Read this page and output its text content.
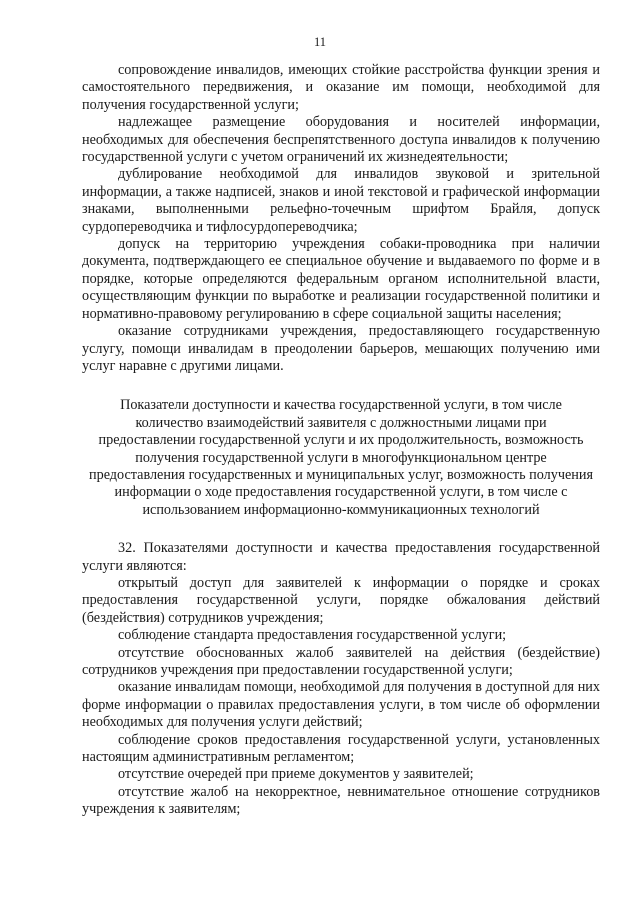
11

сопровождение инвалидов, имеющих стойкие расстройства функции зрения и самостоятельного передвижения, и оказание им помощи, необходимой для получения государственной услуги;

надлежащее размещение оборудования и носителей информации, необходимых для обеспечения беспрепятственного доступа инвалидов к получению государственной услуги с учетом ограничений их жизнедеятельности;

дублирование необходимой для инвалидов звуковой и зрительной информации, а также надписей, знаков и иной текстовой и графической информации знаками, выполненными рельефно-точечным шрифтом Брайля, допуск сурдопереводчика и тифлосурдопереводчика;

допуск на территорию учреждения собаки-проводника при наличии документа, подтверждающего ее специальное обучение и выдаваемого по форме и в порядке, которые определяются федеральным органом исполнительной власти, осуществляющим функции по выработке и реализации государственной политики и нормативно-правовому регулированию в сфере социальной защиты населения;

оказание сотрудниками учреждения, предоставляющего государственную услугу, помощи инвалидам в преодолении барьеров, мешающих получению ими услуг наравне с другими лицами.

Показатели доступности и качества государственной услуги, в том числе количество взаимодействий заявителя с должностными лицами при предоставлении государственной услуги и их продолжительность, возможность получения государственной услуги в многофункциональном центре предоставления государственных и муниципальных услуг, возможность получения информации о ходе предоставления государственной услуги, в том числе с использованием информационно-коммуникационных технологий

32. Показателями доступности и качества предоставления государственной услуги являются:

открытый доступ для заявителей к информации о порядке и сроках предоставления государственной услуги, порядке обжалования действий (бездействия) сотрудников учреждения;

соблюдение стандарта предоставления государственной услуги;

отсутствие обоснованных жалоб заявителей на действия (бездействие) сотрудников учреждения при предоставлении государственной услуги;

оказание инвалидам помощи, необходимой для получения в доступной для них форме информации о правилах предоставления услуги, в том числе об оформлении необходимых для получения услуги действий;

соблюдение сроков предоставления государственной услуги, установленных настоящим административным регламентом;

отсутствие очередей при приеме документов у заявителей;

отсутствие жалоб на некорректное, невнимательное отношение сотрудников учреждения к заявителям;
